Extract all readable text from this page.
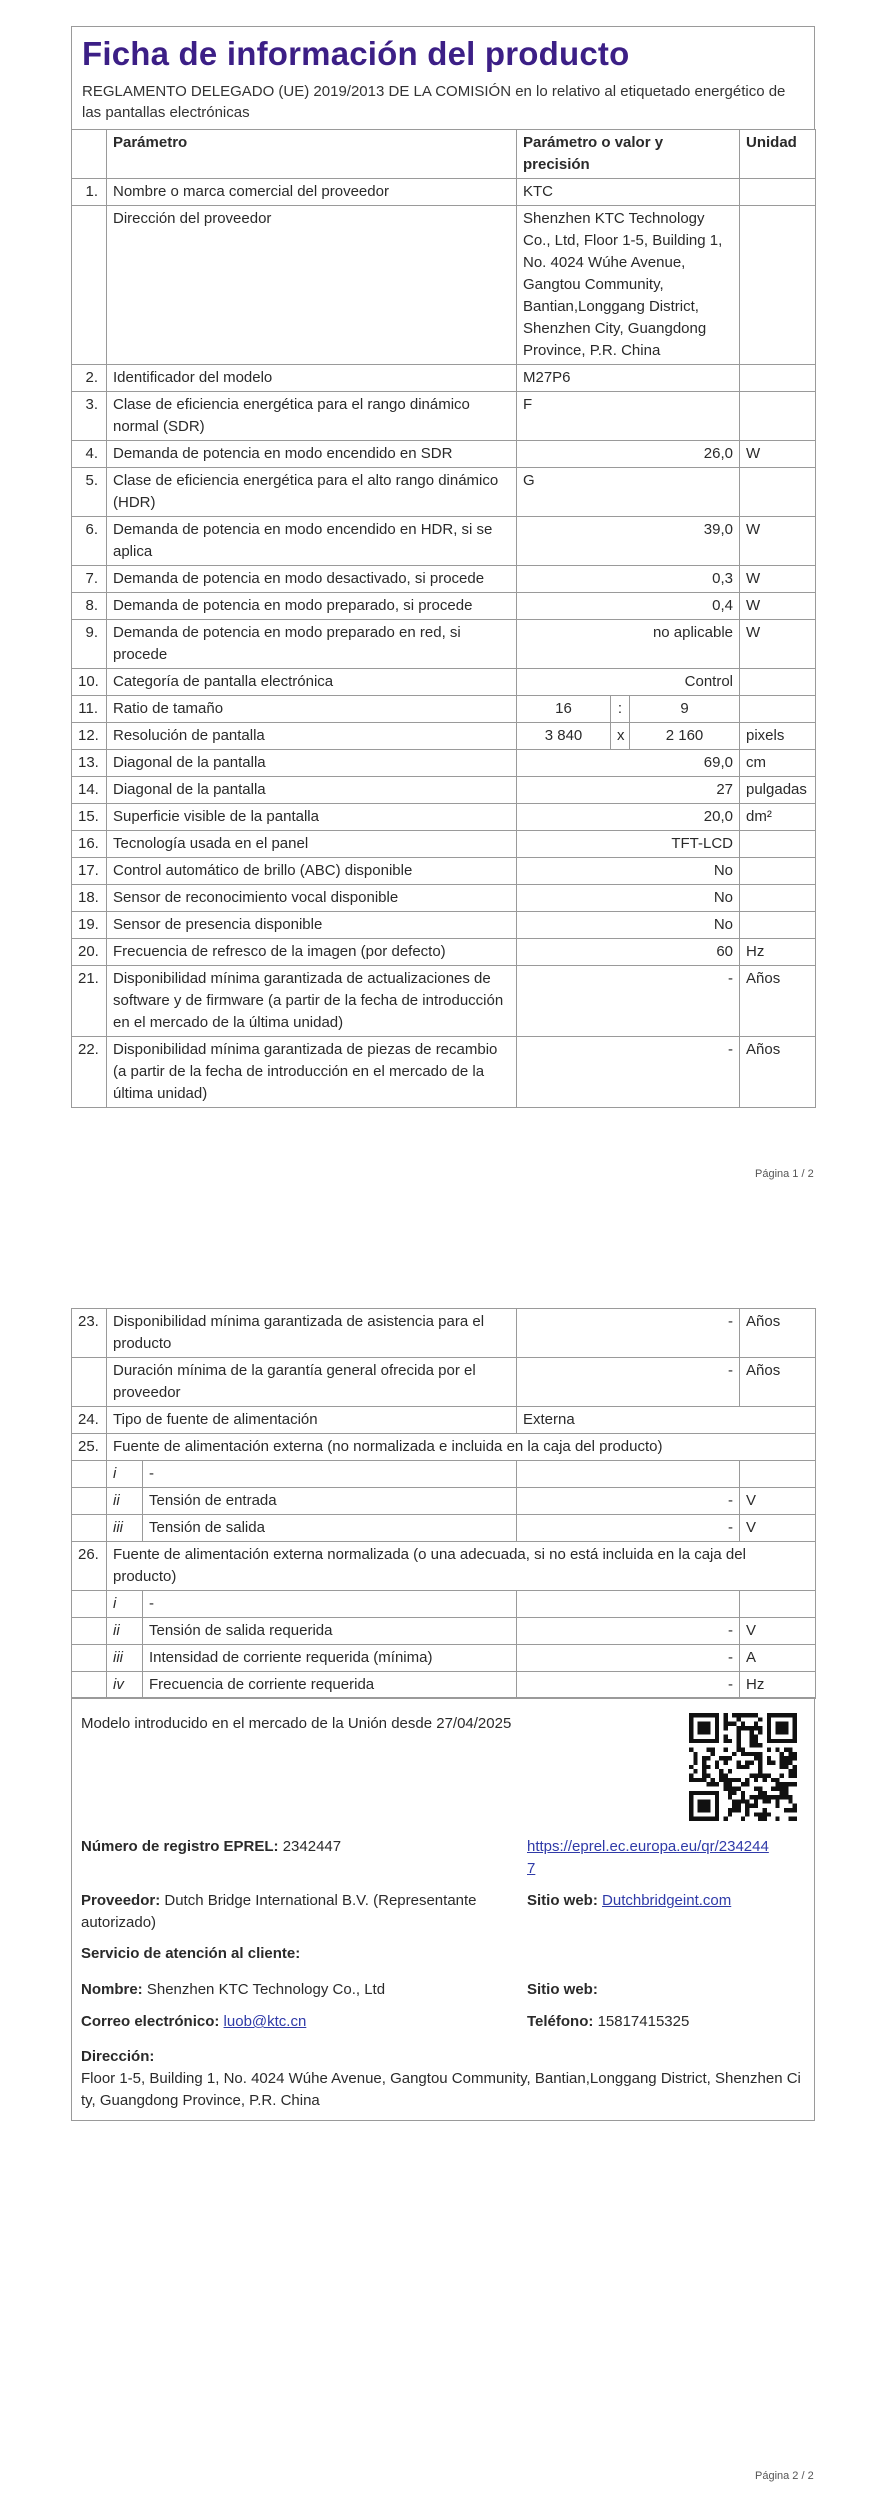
Ficha de información del producto
REGLAMENTO DELEGADO (UE) 2019/2013 DE LA COMISIÓN en lo relativo al etiquetado energético de las pantallas electrónicas
	Parámetro	Parámetro o valor y precisión			Unidad
1.	Nombre o marca comercial del proveedor	KTC			
	Dirección del proveedor	Shenzhen KTC Technology Co., Ltd, Floor 1-5, Building 1, No. 4024 Wúhe Avenue, Gangtou Community, Bantian,Longgang District, Shenzhen City, Guangdong Province, P.R. China			
2.	Identificador del modelo	M27P6			
3.	Clase de eficiencia energética para el rango dinámico normal (SDR)	F			
4.	Demanda de potencia en modo encendido en SDR	26,0			W
5.	Clase de eficiencia energética para el alto rango dinámico (HDR)	G			
6.	Demanda de potencia en modo encendido en HDR, si se aplica	39,0			W
7.	Demanda de potencia en modo desactivado, si procede	0,3			W
8.	Demanda de potencia en modo preparado, si procede	0,4			W
9.	Demanda de potencia en modo preparado en red, si procede	no aplicable			W
10.	Categoría de pantalla electrónica	Control			
11.	Ratio de tamaño	16	:	9	
12.	Resolución de pantalla	3 840	x	2 160	pixels
13.	Diagonal de la pantalla	69,0			cm
14.	Diagonal de la pantalla	27			pulgadas
15.	Superficie visible de la pantalla	20,0			dm²
16.	Tecnología usada en el panel	TFT-LCD			
17.	Control automático de brillo (ABC) disponible	No			
18.	Sensor de reconocimiento vocal disponible	No			
19.	Sensor de presencia disponible	No			
20.	Frecuencia de refresco de la imagen (por defecto)	60			Hz
21.	Disponibilidad mínima garantizada de actualizaciones de software y de firmware (a partir de la fecha de introducción en el mercado de la última unidad)	-			Años
22.	Disponibilidad mínima garantizada de piezas de recambio (a partir de la fecha de introducción en el mercado de la última unidad)	-			Años
Página 1 / 2
23.	Disponibilidad mínima garantizada de asistencia para el producto		-	Años
	Duración mínima de la garantía general ofrecida por el proveedor		-	Años
24.	Tipo de fuente de alimentación		Externa	
25.	Fuente de alimentación externa (no normalizada e incluida en la caja del producto)			
	i	-		
	ii	Tensión de entrada	-	V
	iii	Tensión de salida	-	V
26.	Fuente de alimentación externa normalizada (o una adecuada, si no está incluida en la caja del producto)			
	i	-		
	ii	Tensión de salida requerida	-	V
	iii	Intensidad de corriente requerida (mínima)	-	A
	iv	Frecuencia de corriente requerida	-	Hz
Modelo introducido en el mercado de la Unión desde 27/04/2025
Número de registro EPREL: 2342447	https://eprel.ec.europa.eu/qr/2342447
Proveedor: Dutch Bridge International B.V. (Representante autorizado)
Sitio web: Dutchbridgeint.com
Servicio de atención al cliente:
Nombre: Shenzhen KTC Technology Co., Ltd	Sitio web:
Correo electrónico: luob@ktc.cn	Teléfono: 15817415325
Dirección:
Floor 1-5, Building 1, No. 4024 Wúhe Avenue, Gangtou Community, Bantian,Longgang District, Shenzhen City, Guangdong Province, P.R. China
Página 2 / 2
